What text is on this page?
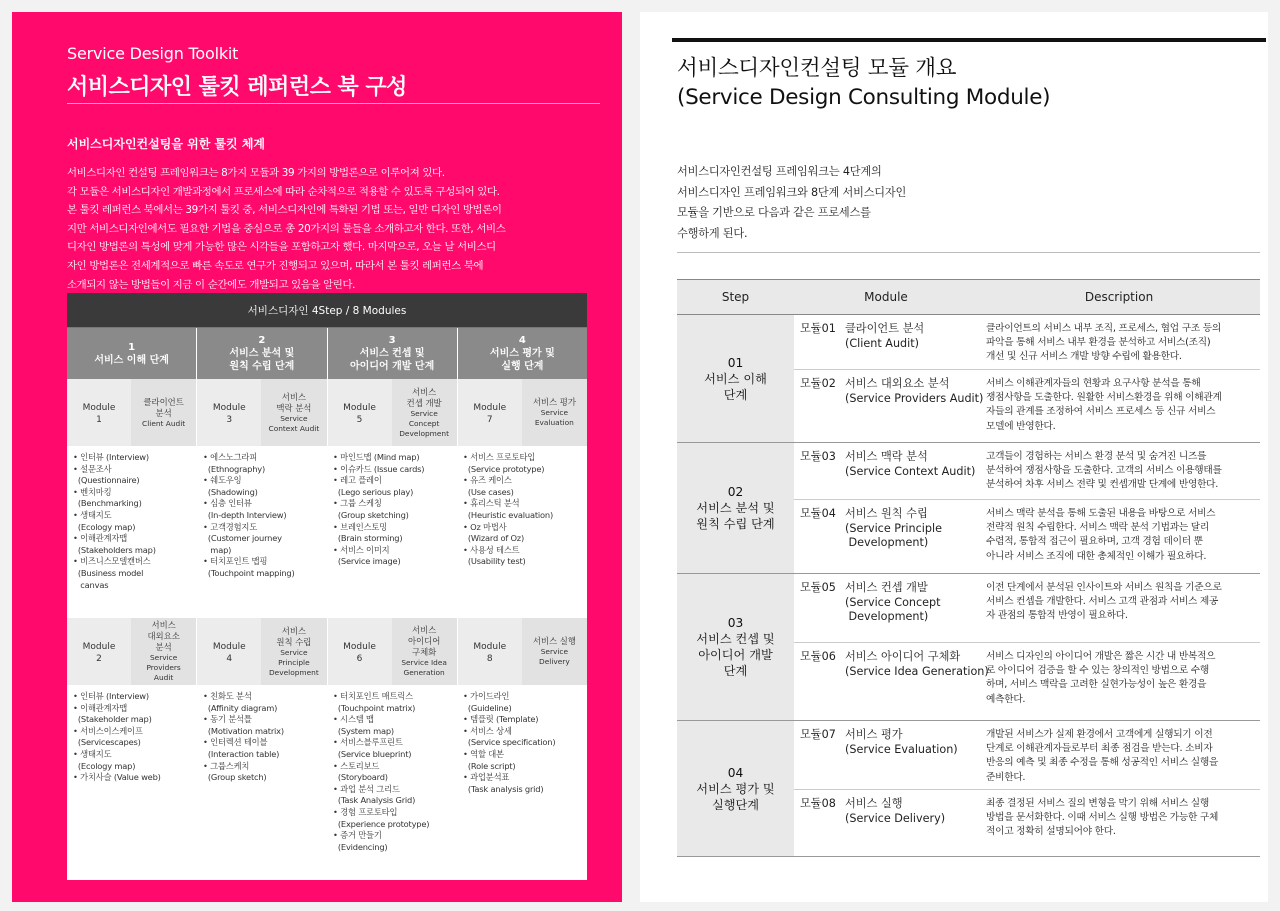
Service Design Toolkit
서비스디자인 툴킷 레퍼런스 북 구성
서비스디자인컨설팅을 위한 툴킷 체계

서비스디자인 컨설팅 프레임워크는 8가지 모듈과 39 가지의 방법론으로 이루어져 있다.

각 모듈은 서비스디자인 개발과정에서 프로세스에 따라 순차적으로 적용할 수 있도록 구성되어 있다.

본 툴킷 레퍼런스 북에서는 39가지 툴킷 중, 서비스디자인에 특화된 기법 또는, 일반 디자인 방법론이

지만 서비스디자인에서도 필요한 기법을 중심으로 총 20가지의 툴들을 소개하고자 한다. 또한, 서비스

디자인 방법론의 특성에 맞게 가능한 많은 시각들을 포함하고자 했다. 마지막으로, 오늘 날 서비스디

자인 방법론은 전세계적으로 빠른 속도로 연구가 진행되고 있으며, 따라서 본 툴킷 레퍼런스 북에

소개되지 않는 방법들이 지금 이 순간에도 개발되고 있음을 알린다.

서비스디자인 4Step / 8 Modules
1
서비스 이해 단계
2
서비스 분석 및
원칙 수립 단계
3
서비스 컨셉 및
아이디어 개발 단계
4
서비스 평가 및
실행 단계
Module
1
클라이언트
분석
Client Audit
Module
3
서비스
맥락 분석
Service
Context Audit
Module
5
서비스
컨셉 개발
Service
Concept
Development
Module
7
서비스 평가
Service
Evaluation
• 인터뷰 (Interview)
• 설문조사
(Questionnaire)
• 벤치마킹
(Benchmarking)
• 생태지도
(Ecology map)
• 이해관계자맵
(Stakeholders map)
• 비즈니스모델캔버스
(Business model
canvas
• 에스노그라피
(Ethnography)
• 쉐도우잉
(Shadowing)
• 심층 인터뷰
(In-depth Interview)
• 고객경험지도
(Customer journey
map)
• 터치포인트 맵핑
(Touchpoint mapping)
• 마인드맵 (Mind map)
• 이슈카드 (Issue cards)
• 레고 플레이
(Lego serious play)
• 그룹 스케칭
(Group sketching)
• 브레인스토밍
(Brain storming)
• 서비스 이미지
(Service image)
• 서비스 프로토타입
(Service prototype)
• 유즈 케이스
(Use cases)
• 휴리스틱 분석
(Heuristic evaluation)
• Oz 마법사
(Wizard of Oz)
• 사용성 테스트
(Usability test)
Module
2
서비스
대외요소
분석
Service
Providers
Audit
Module
4
서비스
원칙 수립
Service
Principle
Development
Module
6
서비스
아이디어
구체화
Service Idea
Generation
Module
8
서비스 실행
Service
Delivery
• 인터뷰 (Interview)
• 이해관계자맵
(Stakeholder map)
• 서비스이스케이프
(Servicescapes)
• 생태지도
(Ecology map)
• 가치사슬 (Value web)
• 친화도 분석
(Affinity diagram)
• 동기 분석틀
(Motivation matrix)
• 인터렉션 테이블
(Interaction table)
• 그룹스케치
(Group sketch)
• 터치포인트 매트릭스
(Touchpoint matrix)
• 시스템 맵
(System map)
• 서비스블루프린트
(Service blueprint)
• 스토리보드
(Storyboard)
• 과업 분석 그리드
(Task Analysis Grid)
• 경험 프로토타입
(Experience prototype)
• 증거 만들기
(Evidencing)
• 가이드라인
(Guideline)
• 템플릿 (Template)
• 서비스 상세
(Service specification)
• 역할 대본
(Role script)
• 과업분석표
(Task analysis grid)
서비스디자인컨설팅 모듈 개요
(Service Design Consulting Module)
서비스디자인컨설팅 프레임워크는 4단계의
서비스디자인 프레임워크와 8단계 서비스디자인
모듈을 기반으로 다음과 같은 프로세스를
수행하게 된다.
Step	Module	Description
01
서비스 이해
단계
모듈01 클라이언트 분석
(Client Audit)
클라이언트의 서비스 내부 조직, 프로세스, 협업 구조 등의
파악을 통해 서비스 내부 환경을 분석하고 서비스(조직)
개선 및 신규 서비스 개발 방향 수립에 활용한다.
모듈02 서비스 대외요소 분석
(Service Providers Audit)
서비스 이해관계자들의 현황과 요구사항 분석을 통해
쟁점사항을 도출한다. 원활한 서비스환경을 위해 이해관계
자들의 관계를 조정하여 서비스 프로세스 등 신규 서비스
모델에 반영한다.
02
서비스 분석 및
원칙 수립 단계
모듈03 서비스 맥락 분석
(Service Context Audit)
고객들이 경험하는 서비스 환경 분석 및 숨겨진 니즈를
분석하여 쟁점사항을 도출한다. 고객의 서비스 이용행태를
분석하여 차후 서비스 전략 및 컨셉개발 단계에 반영한다.
모듈04 서비스 원칙 수립
(Service Principle
Development)
서비스 맥락 분석을 통해 도출된 내용을 바탕으로 서비스
전략적 원칙 수립한다. 서비스 맥락 분석 기법과는 달리
수렴적, 통합적 접근이 필요하며, 고객 경험 데이터 뿐
아니라 서비스 조직에 대한 총체적인 이해가 필요하다.
03
서비스 컨셉 및
아이디어 개발
단계
모듈05 서비스 컨셉 개발
(Service Concept
Development)
이전 단계에서 분석된 인사이트와 서비스 원칙을 기준으로
서비스 컨셉을 개발한다. 서비스 고객 관점과 서비스 제공
자 관점의 통합적 반영이 필요하다.
모듈06 서비스 아이디어 구체화
(Service Idea Generation)
서비스 디자인의 아이디어 개발은 짧은 시간 내 반복적으
로 아이디어 검증을 할 수 있는 창의적인 방법으로 수행
하며, 서비스 맥락을 고려한 실현가능성이 높은 환경을
예측한다.
04
서비스 평가 및
실행단계
모듈07 서비스 평가
(Service Evaluation)
개발된 서비스가 실제 환경에서 고객에게 실행되기 이전
단계로 이해관계자들로부터 최종 점검을 받는다. 소비자
반응의 예측 및 최종 수정을 통해 성공적인 서비스 실행을
준비한다.
모듈08 서비스 실행
(Service Delivery)
최종 결정된 서비스 질의 변형을 막기 위해 서비스 실행
방법을 문서화한다. 이때 서비스 실행 방법은 가능한 구체
적이고 정확히 설명되어야 한다.
